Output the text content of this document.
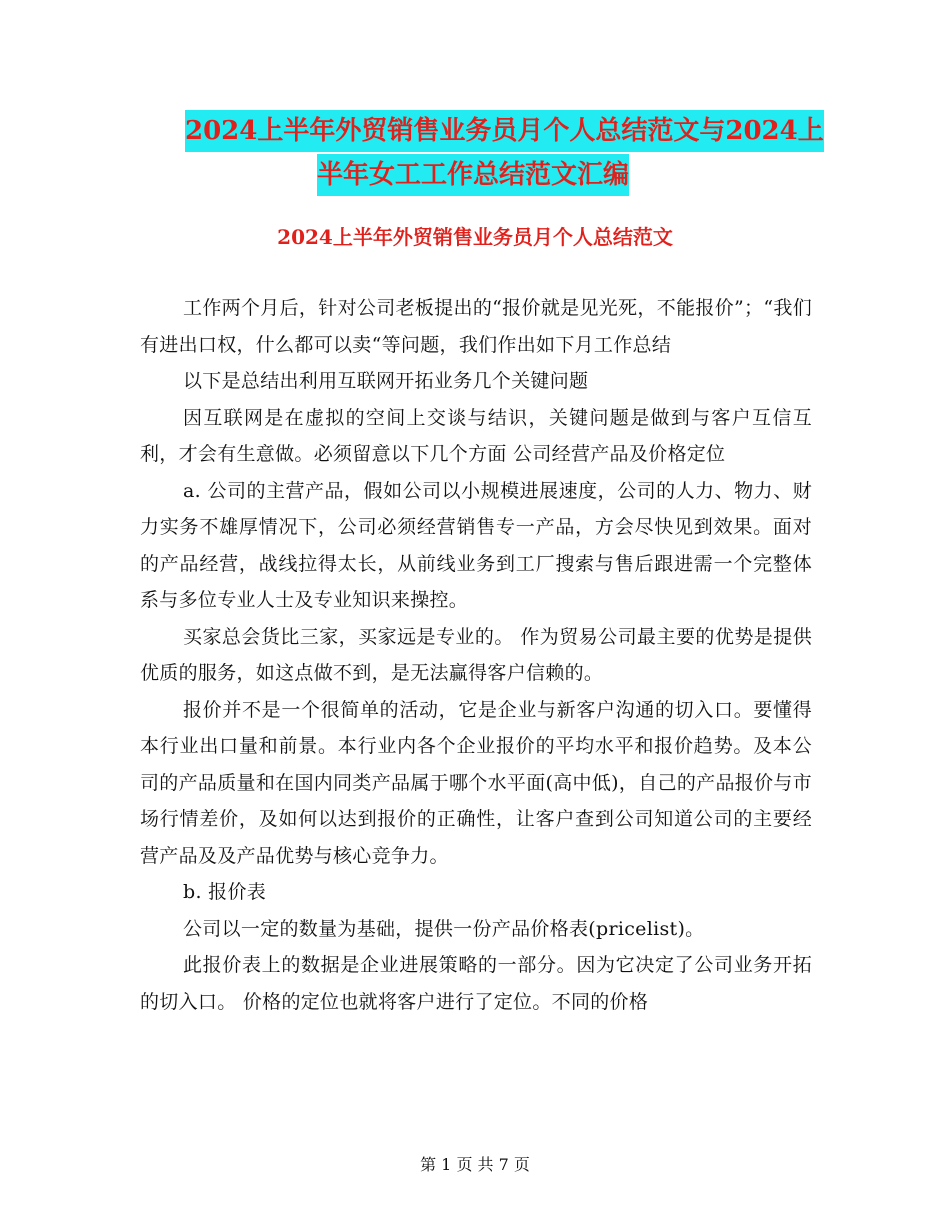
2024上半年外贸销售业务员月个人总结范文与2024上
半年女工工作总结范文汇编
2024上半年外贸销售业务员月个人总结范文

工作两个月后，针对公司老板提出的“报价就是见光死，不能报价”；“我们有进出口权，什么都可以卖“等问题，我们作出如下月工作总结

以下是总结出利用互联网开拓业务几个关键问题

因互联网是在虚拟的空间上交谈与结识，关键问题是做到与客户互信互利，才会有生意做。必须留意以下几个方面 公司经营产品及价格定位

a. 公司的主营产品，假如公司以小规模进展速度，公司的人力、物力、财力实务不雄厚情况下，公司必须经营销售专一产品，方会尽快见到效果。面对的产品经营，战线拉得太长，从前线业务到工厂搜索与售后跟进需一个完整体系与多位专业人士及专业知识来操控。

买家总会货比三家，买家远是专业的。 作为贸易公司最主要的优势是提供优质的服务，如这点做不到，是无法赢得客户信赖的。

报价并不是一个很简单的活动，它是企业与新客户沟通的切入口。要懂得本行业出口量和前景。本行业内各个企业报价的平均水平和报价趋势。及本公司的产品质量和在国内同类产品属于哪个水平面(高中低)，自己的产品报价与市场行情差价，及如何以达到报价的正确性，让客户查到公司知道公司的主要经营产品及及产品优势与核心竞争力。

b. 报价表

公司以一定的数量为基础，提供一份产品价格表(pricelist)。

此报价表上的数据是企业进展策略的一部分。因为它决定了公司业务开拓的切入口。 价格的定位也就将客户进行了定位。不同的价格

第 1 页 共 7 页
